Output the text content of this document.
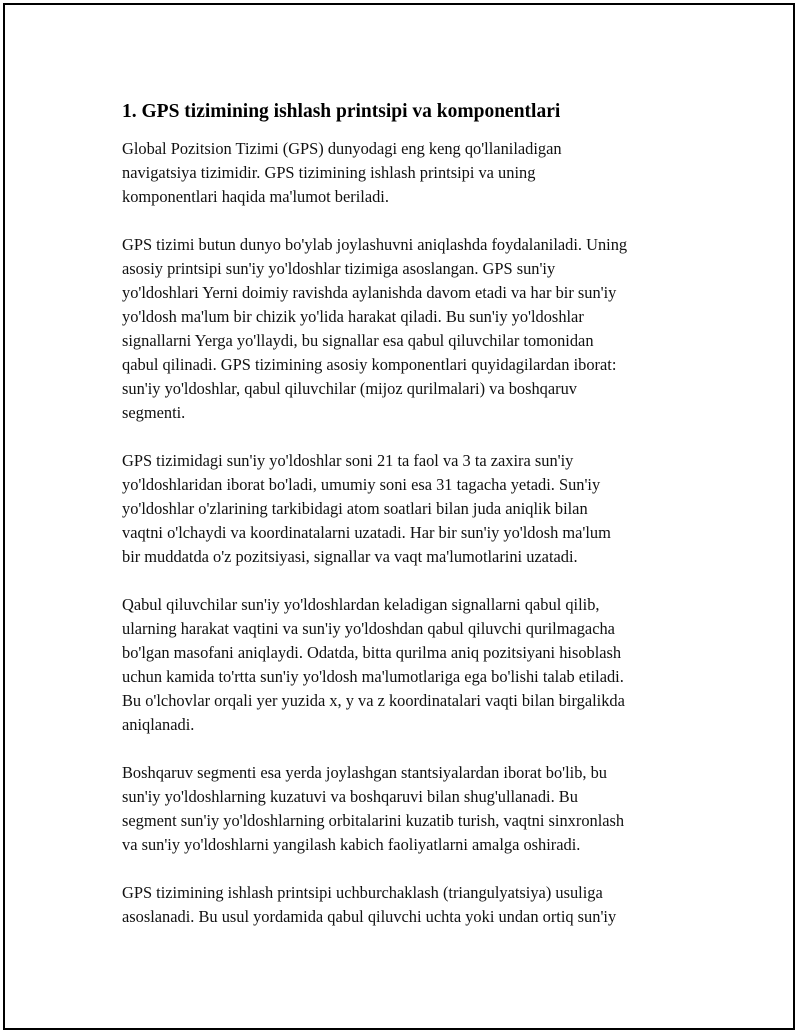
1. GPS tizimining ishlash printsipi va komponentlari

Global Pozitsion Tizimi (GPS) dunyodagi eng keng qo'llaniladigan
navigatsiya tizimidir. GPS tizimining ishlash printsipi va uning
komponentlari haqida ma'lumot beriladi.

GPS tizimi butun dunyo bo'ylab joylashuvni aniqlashda foydalaniladi. Uning
asosiy printsipi sun'iy yo'ldoshlar tizimiga asoslangan. GPS sun'iy
yo'ldoshlari Yerni doimiy ravishda aylanishda davom etadi va har bir sun'iy
yo'ldosh ma'lum bir chizik yo'lida harakat qiladi. Bu sun'iy yo'ldoshlar
signallarni Yerga yo'llaydi, bu signallar esa qabul qiluvchilar tomonidan
qabul qilinadi. GPS tizimining asosiy komponentlari quyidagilardan iborat:
sun'iy yo'ldoshlar, qabul qiluvchilar (mijoz qurilmalari) va boshqaruv
segmenti.

GPS tizimidagi sun'iy yo'ldoshlar soni 21 ta faol va 3 ta zaxira sun'iy
yo'ldoshlaridan iborat bo'ladi, umumiy soni esa 31 tagacha yetadi. Sun'iy
yo'ldoshlar o'zlarining tarkibidagi atom soatlari bilan juda aniqlik bilan
vaqtni o'lchaydi va koordinatalarni uzatadi. Har bir sun'iy yo'ldosh ma'lum
bir muddatda o'z pozitsiyasi, signallar va vaqt ma'lumotlarini uzatadi.

Qabul qiluvchilar sun'iy yo'ldoshlardan keladigan signallarni qabul qilib,
ularning harakat vaqtini va sun'iy yo'ldoshdan qabul qiluvchi qurilmagacha
bo'lgan masofani aniqlaydi. Odatda, bitta qurilma aniq pozitsiyani hisoblash
uchun kamida to'rtta sun'iy yo'ldosh ma'lumotlariga ega bo'lishi talab etiladi.
Bu o'lchovlar orqali yer yuzida x, y va z koordinatalari vaqti bilan birgalikda
aniqlanadi.

Boshqaruv segmenti esa yerda joylashgan stantsiyalardan iborat bo'lib, bu
sun'iy yo'ldoshlarning kuzatuvi va boshqaruvi bilan shug'ullanadi. Bu
segment sun'iy yo'ldoshlarning orbitalarini kuzatib turish, vaqtni sinxronlash
va sun'iy yo'ldoshlarni yangilash kabich faoliyatlarni amalga oshiradi.

GPS tizimining ishlash printsipi uchburchaklash (triangulyatsiya) usuliga
asoslanadi. Bu usul yordamida qabul qiluvchi uchta yoki undan ortiq sun'iy
